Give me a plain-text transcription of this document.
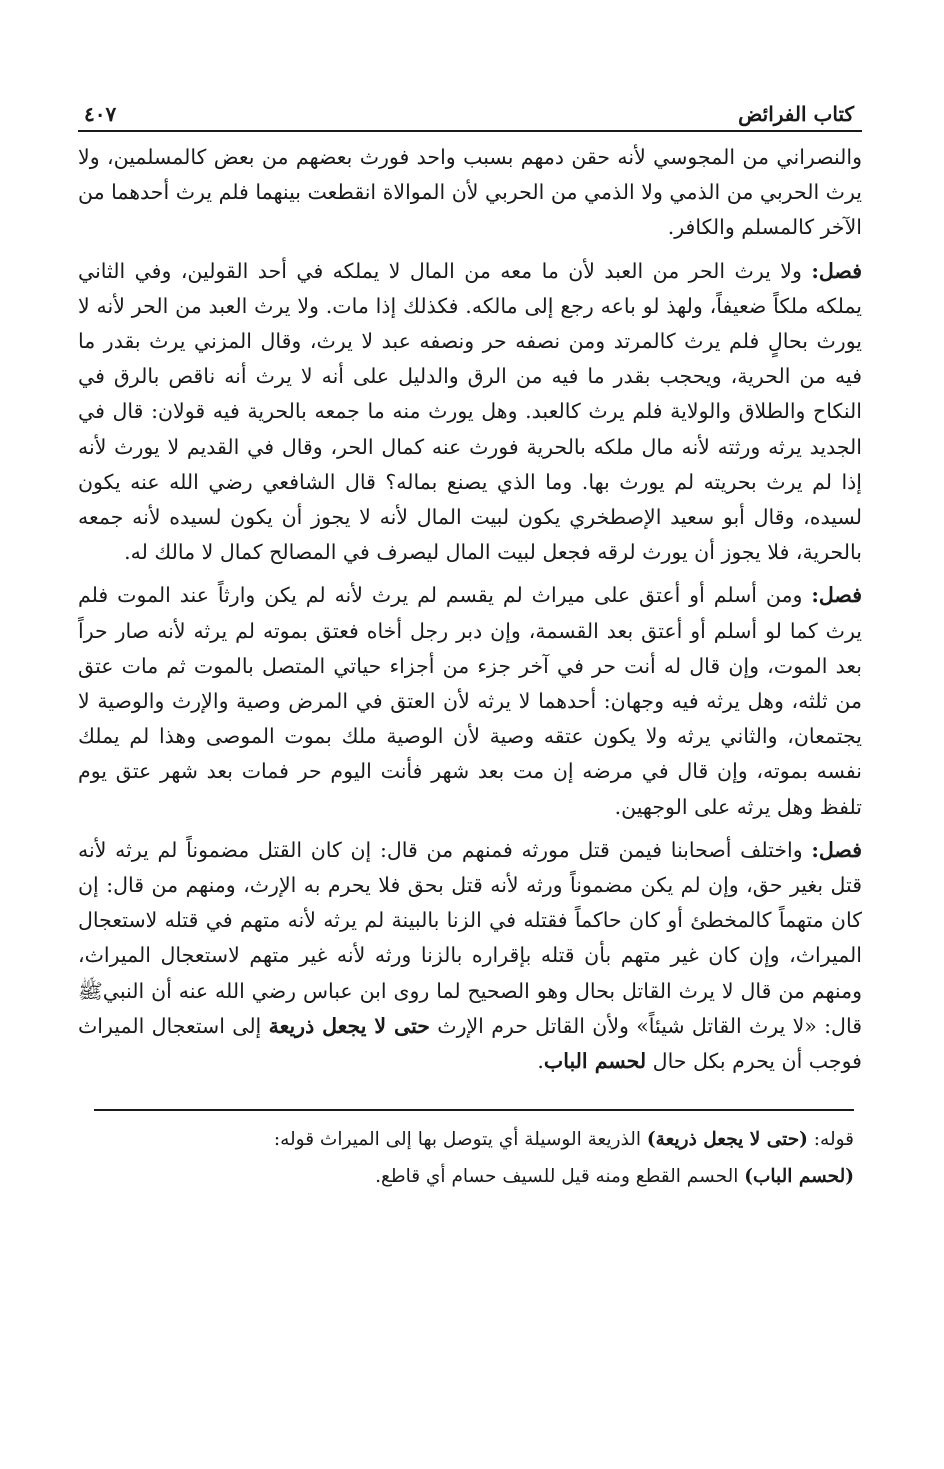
كتاب الفرائض
٤٠٧

والنصراني من المجوسي لأنه حقن دمهم بسبب واحد فورث بعضهم من بعض كالمسلمين، ولا يرث الحربي من الذمي ولا الذمي من الحربي لأن الموالاة انقطعت بينهما فلم يرث أحدهما من الآخر كالمسلم والكافر.

فصل: ولا يرث الحر من العبد لأن ما معه من المال لا يملكه في أحد القولين، وفي الثاني يملكه ملكاً ضعيفاً، ولهذ لو باعه رجع إلى مالكه. فكذلك إذا مات. ولا يرث العبد من الحر لأنه لا يورث بحالٍ فلم يرث كالمرتد ومن نصفه حر ونصفه عبد لا يرث، وقال المزني يرث بقدر ما فيه من الحرية، ويحجب بقدر ما فيه من الرق والدليل على أنه لا يرث أنه ناقص بالرق في النكاح والطلاق والولاية فلم يرث كالعبد. وهل يورث منه ما جمعه بالحرية فيه قولان: قال في الجديد يرثه ورثته لأنه مال ملكه بالحرية فورث عنه كمال الحر، وقال في القديم لا يورث لأنه إذا لم يرث بحريته لم يورث بها. وما الذي يصنع بماله؟ قال الشافعي رضي الله عنه يكون لسيده، وقال أبو سعيد الإصطخري يكون لبيت المال لأنه لا يجوز أن يكون لسيده لأنه جمعه بالحرية، فلا يجوز أن يورث لرقه فجعل لبيت المال ليصرف في المصالح كمال لا مالك له.

فصل: ومن أسلم أو أعتق على ميراث لم يقسم لم يرث لأنه لم يكن وارثاً عند الموت فلم يرث كما لو أسلم أو أعتق بعد القسمة، وإن دبر رجل أخاه فعتق بموته لم يرثه لأنه صار حراً بعد الموت، وإن قال له أنت حر في آخر جزء من أجزاء حياتي المتصل بالموت ثم مات عتق من ثلثه، وهل يرثه فيه وجهان: أحدهما لا يرثه لأن العتق في المرض وصية والإرث والوصية لا يجتمعان، والثاني يرثه ولا يكون عتقه وصية لأن الوصية ملك بموت الموصى وهذا لم يملك نفسه بموته، وإن قال في مرضه إن مت بعد شهر فأنت اليوم حر فمات بعد شهر عتق يوم تلفظ وهل يرثه على الوجهين.

فصل: واختلف أصحابنا فيمن قتل مورثه فمنهم من قال: إن كان القتل مضموناً لم يرثه لأنه قتل بغير حق، وإن لم يكن مضموناً ورثه لأنه قتل بحق فلا يحرم به الإرث، ومنهم من قال: إن كان متهماً كالمخطئ أو كان حاكماً فقتله في الزنا بالبينة لم يرثه لأنه متهم في قتله لاستعجال الميراث، وإن كان غير متهم بأن قتله بإقراره بالزنا ورثه لأنه غير متهم لاستعجال الميراث، ومنهم من قال لا يرث القاتل بحال وهو الصحيح لما روى ابن عباس رضي الله عنه أن النبيﷺ قال: «لا يرث القاتل شيئاً» ولأن القاتل حرم الإرث حتى لا يجعل ذريعة إلى استعجال الميراث فوجب أن يحرم بكل حال لحسم الباب.

قوله: (حتى لا يجعل ذريعة) الذريعة الوسيلة أي يتوصل بها إلى الميراث قوله:

(لحسم الباب) الحسم القطع ومنه قيل للسيف حسام أي قاطع.
